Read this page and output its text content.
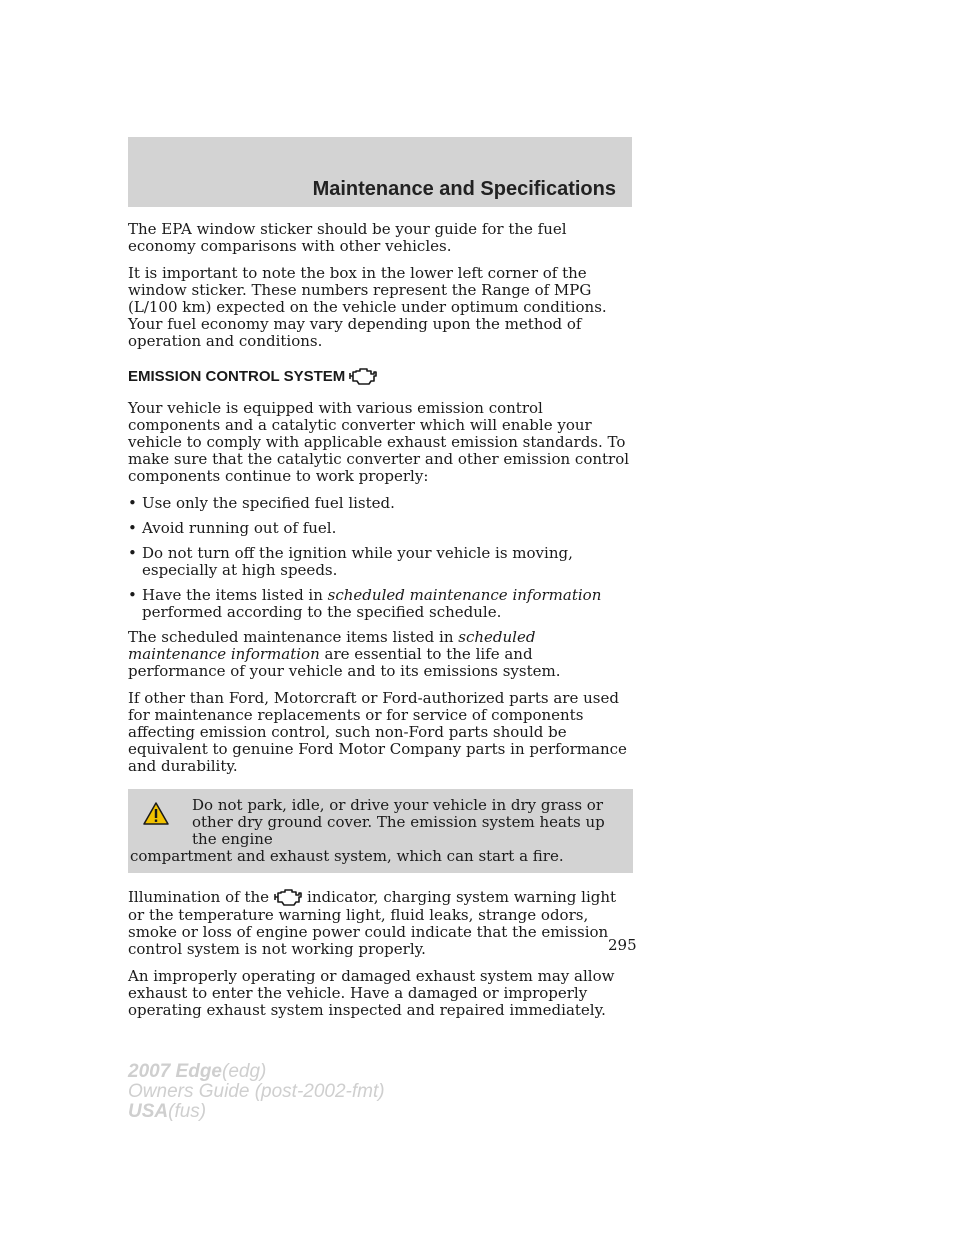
Maintenance and Specifications

The EPA window sticker should be your guide for the fuel economy comparisons with other vehicles.

It is important to note the box in the lower left corner of the window sticker. These numbers represent the Range of MPG (L/100 km) expected on the vehicle under optimum conditions. Your fuel economy may vary depending upon the method of operation and conditions.

EMISSION CONTROL SYSTEM

Your vehicle is equipped with various emission control components and a catalytic converter which will enable your vehicle to comply with applicable exhaust emission standards. To make sure that the catalytic converter and other emission control components continue to work properly:

• Use only the specified fuel listed.
• Avoid running out of fuel.
• Do not turn off the ignition while your vehicle is moving, especially at high speeds.
• Have the items listed in scheduled maintenance information performed according to the specified schedule.

The scheduled maintenance items listed in scheduled maintenance information are essential to the life and performance of your vehicle and to its emissions system.

If other than Ford, Motorcraft or Ford-authorized parts are used for maintenance replacements or for service of components affecting emission control, such non-Ford parts should be equivalent to genuine Ford Motor Company parts in performance and durability.

Do not park, idle, or drive your vehicle in dry grass or other dry ground cover. The emission system heats up the engine
compartment and exhaust system, which can start a fire.

Illumination of the	indicator, charging system warning light or the temperature warning light, fluid leaks, strange odors, smoke or loss of engine power could indicate that the emission control system is not working properly.

An improperly operating or damaged exhaust system may allow exhaust to enter the vehicle. Have a damaged or improperly operating exhaust system inspected and repaired immediately.

295
2007 Edge(edg)
Owners Guide (post-2002-fmt)
USA(fus)
